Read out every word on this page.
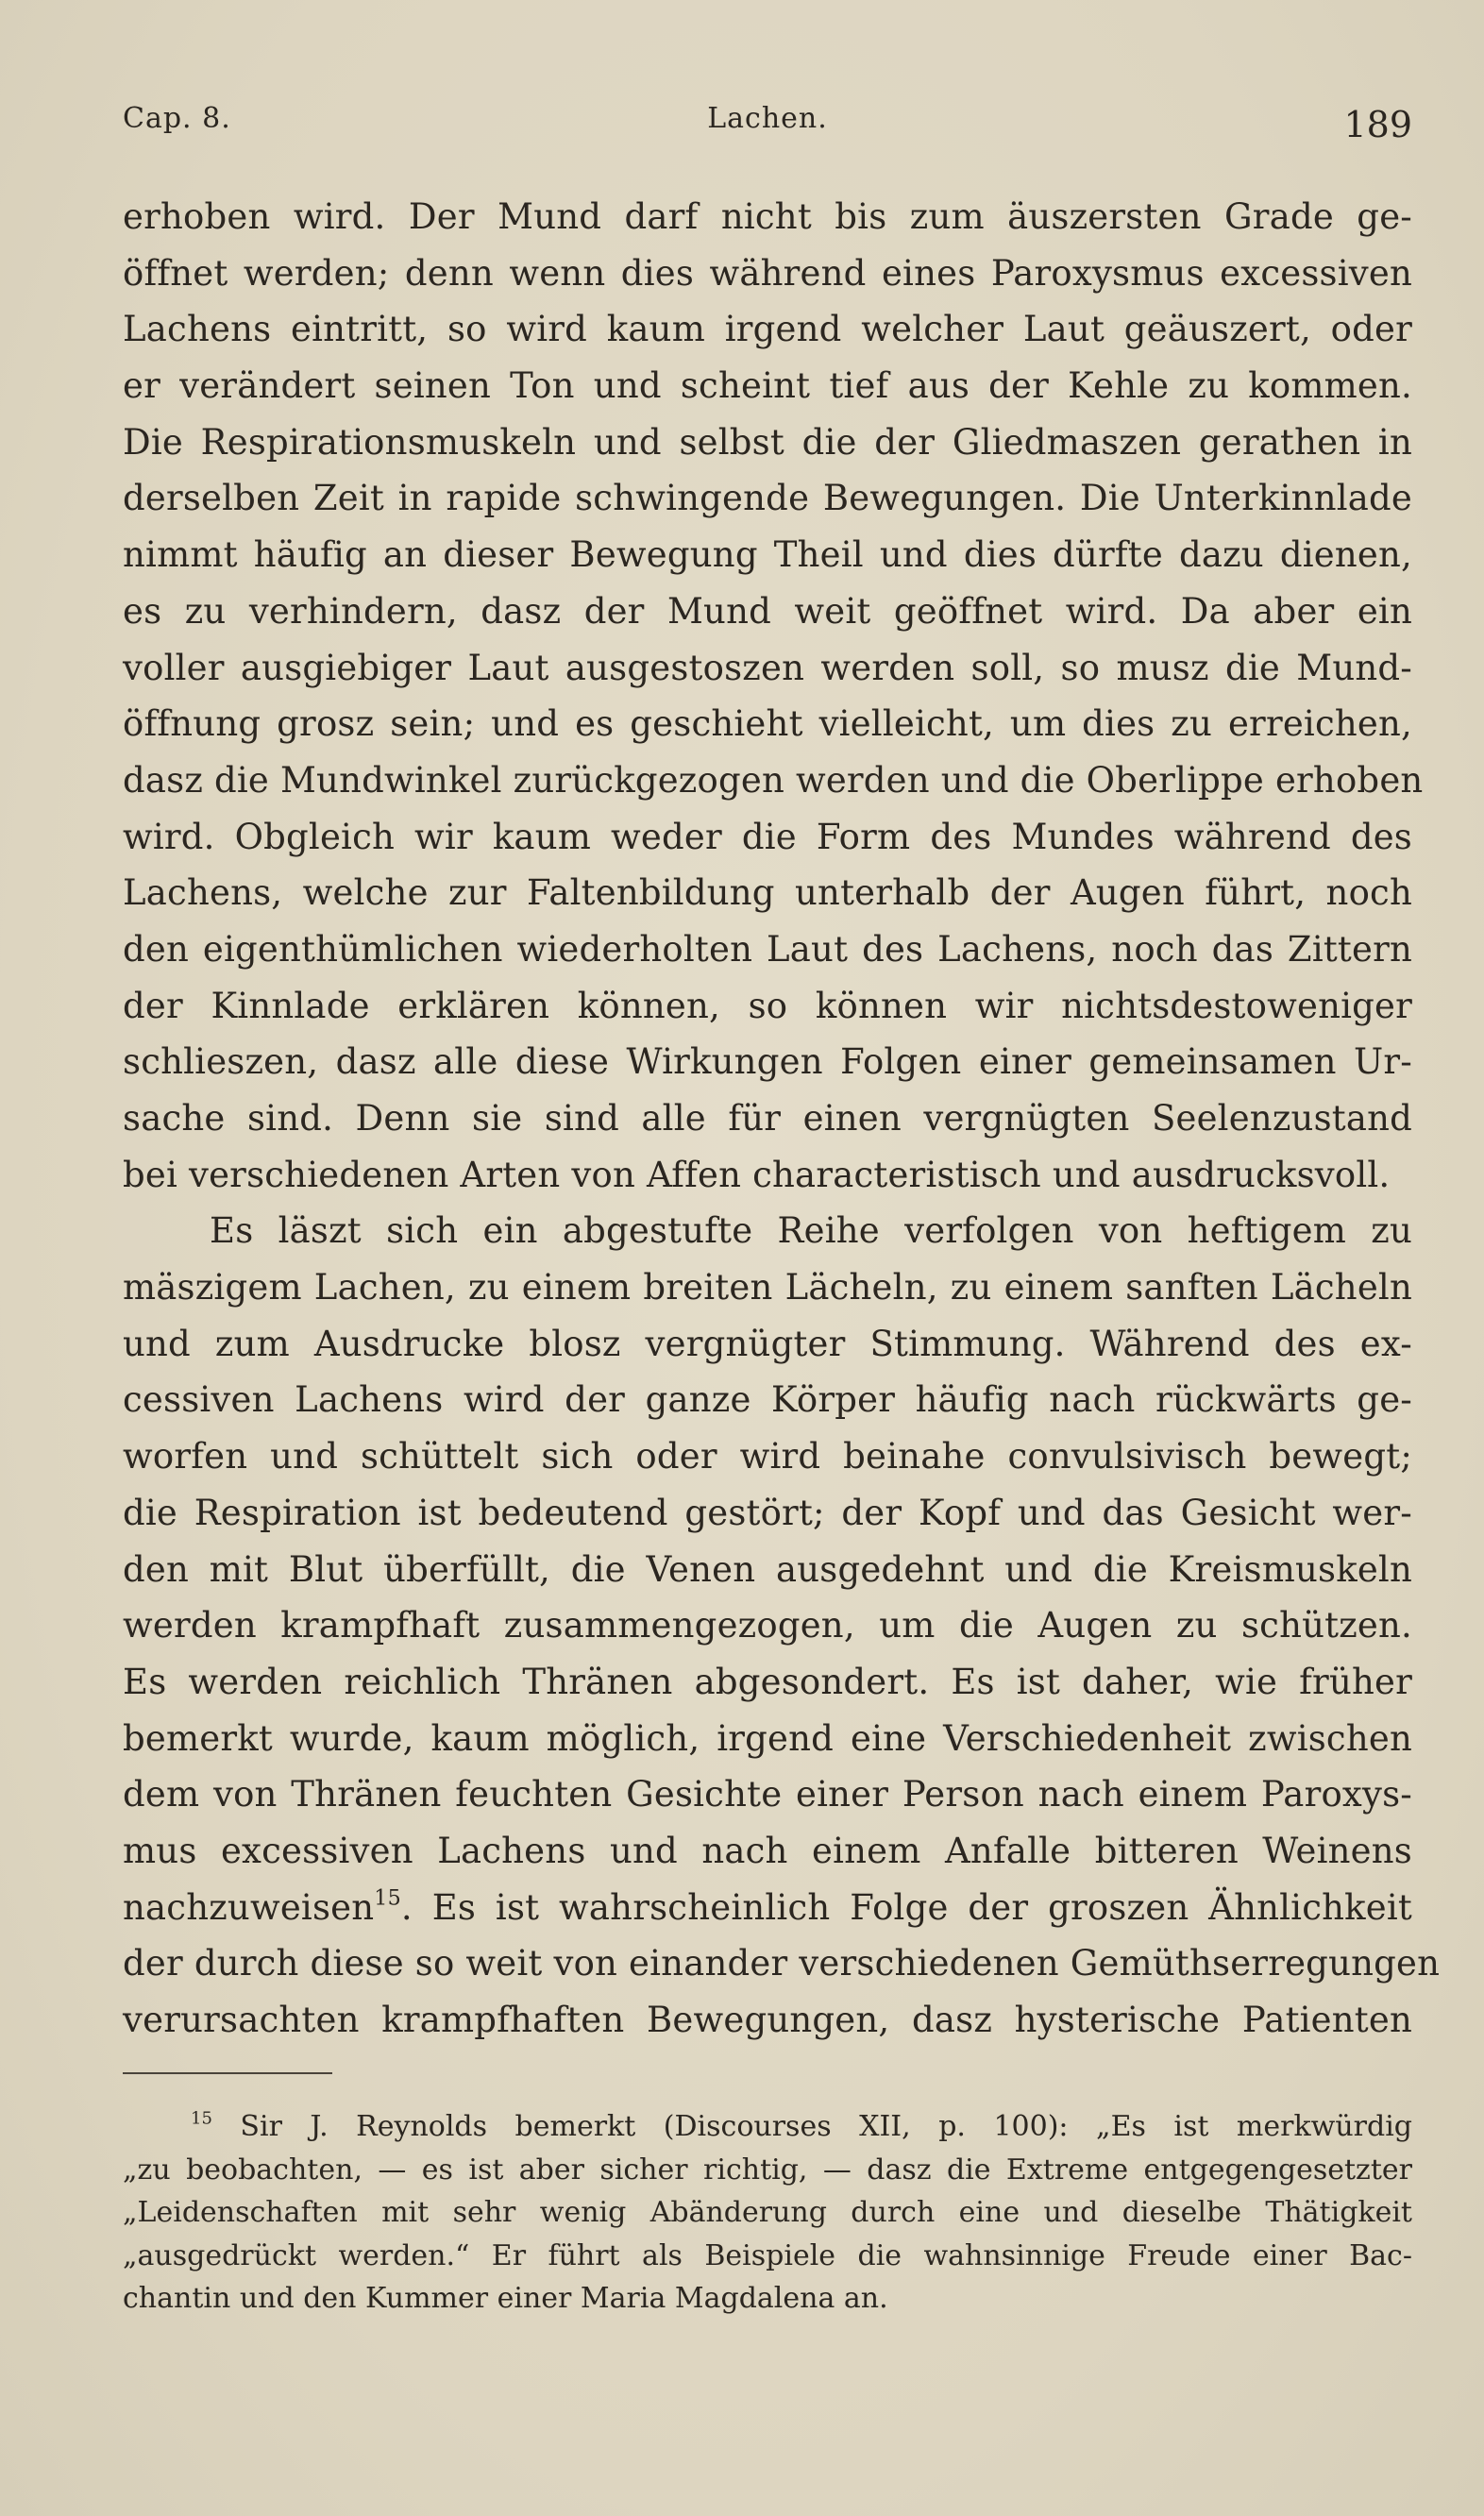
Cap. 8.	Lachen.	189
erhoben wird. Der Mund darf nicht bis zum äuszersten Grade ge-
öffnet werden; denn wenn dies während eines Paroxysmus excessiven
Lachens eintritt, so wird kaum irgend welcher Laut geäuszert, oder
er verändert seinen Ton und scheint tief aus der Kehle zu kommen.
Die Respirationsmuskeln und selbst die der Gliedmaszen gerathen in
derselben Zeit in rapide schwingende Bewegungen. Die Unterkinnlade
nimmt häufig an dieser Bewegung Theil und dies dürfte dazu dienen,
es zu verhindern, dasz der Mund weit geöffnet wird. Da aber ein
voller ausgiebiger Laut ausgestoszen werden soll, so musz die Mund-
öffnung grosz sein; und es geschieht vielleicht, um dies zu erreichen,
dasz die Mundwinkel zurückgezogen werden und die Oberlippe erhoben
wird. Obgleich wir kaum weder die Form des Mundes während des
Lachens, welche zur Faltenbildung unterhalb der Augen führt, noch
den eigenthümlichen wiederholten Laut des Lachens, noch das Zittern
der Kinnlade erklären können, so können wir nichtsdestoweniger
schlieszen, dasz alle diese Wirkungen Folgen einer gemeinsamen Ur-
sache sind. Denn sie sind alle für einen vergnügten Seelenzustand
bei verschiedenen Arten von Affen characteristisch und ausdrucksvoll.
Es läszt sich ein abgestufte Reihe verfolgen von heftigem zu
mäszigem Lachen, zu einem breiten Lächeln, zu einem sanften Lächeln
und zum Ausdrucke blosz vergnügter Stimmung. Während des ex-
cessiven Lachens wird der ganze Körper häufig nach rückwärts ge-
worfen und schüttelt sich oder wird beinahe convulsivisch bewegt;
die Respiration ist bedeutend gestört; der Kopf und das Gesicht wer-
den mit Blut überfüllt, die Venen ausgedehnt und die Kreismuskeln
werden krampfhaft zusammengezogen, um die Augen zu schützen.
Es werden reichlich Thränen abgesondert. Es ist daher, wie früher
bemerkt wurde, kaum möglich, irgend eine Verschiedenheit zwischen
dem von Thränen feuchten Gesichte einer Person nach einem Paroxys-
mus excessiven Lachens und nach einem Anfalle bitteren Weinens
nachzuweisen$^{15}$. Es ist wahrscheinlich Folge der groszen Ähnlichkeit
der durch diese so weit von einander verschiedenen Gemüthserregungen
verursachten krampfhaften Bewegungen, dasz hysterische Patienten
$^{15}$ Sir J. Reynolds bemerkt (Discourses XII, p. 100): „Es ist merkwürdig
„zu beobachten, — es ist aber sicher richtig, — dasz die Extreme entgegengesetzter
„Leidenschaften mit sehr wenig Abänderung durch eine und dieselbe Thätigkeit
„ausgedrückt werden.“ Er führt als Beispiele die wahnsinnige Freude einer Bac-
chantin und den Kummer einer Maria Magdalena an.
